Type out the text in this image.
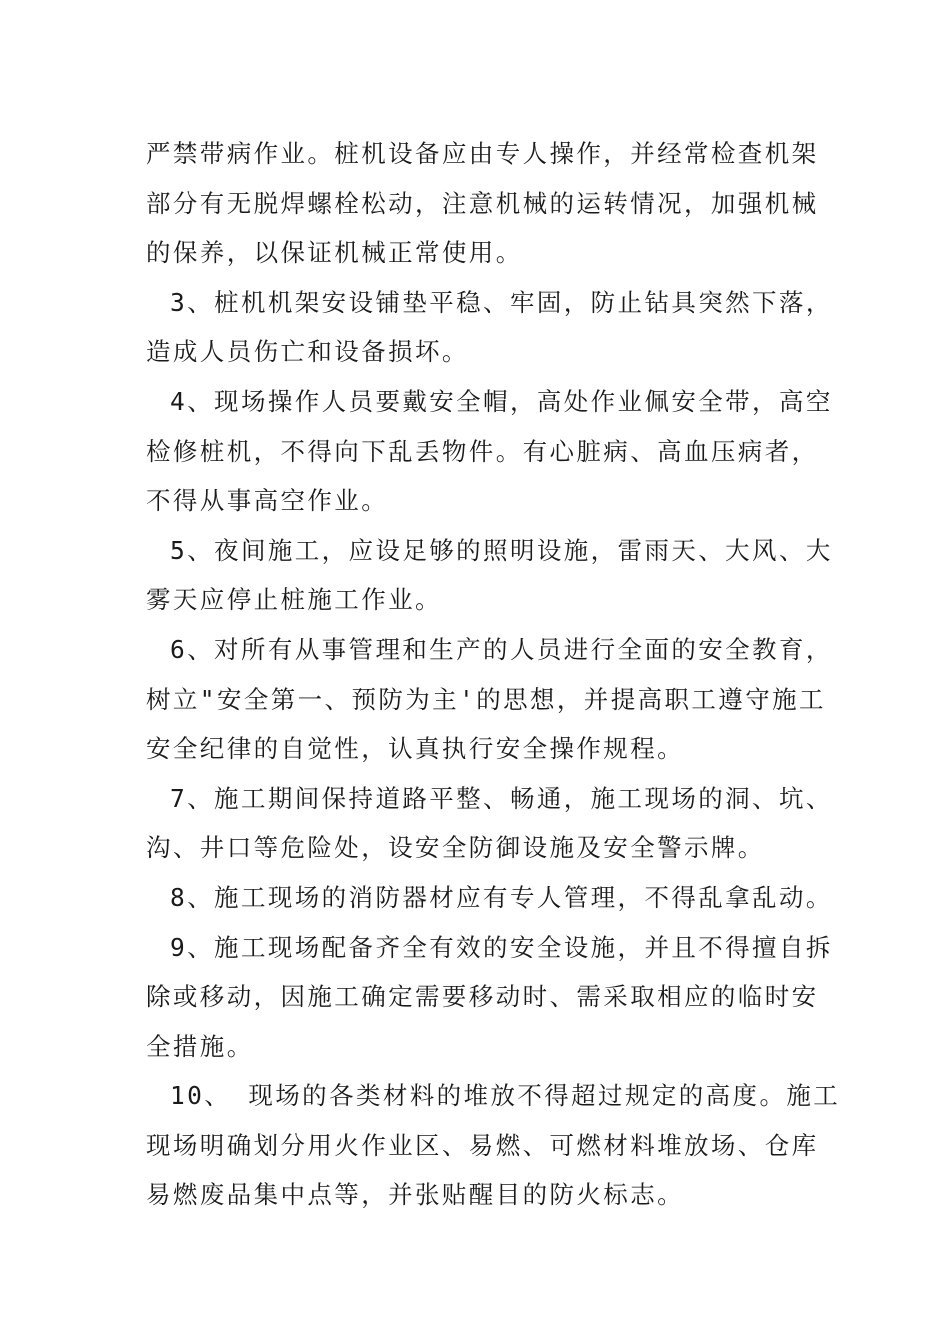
严禁带病作业。桩机设备应由专人操作，并经常检查机架
部分有无脱焊螺栓松动，注意机械的运转情况，加强机械
的保养，以保证机械正常使用。
3、桩机机架安设铺垫平稳、牢固，防止钻具突然下落，
造成人员伤亡和设备损坏。
4、现场操作人员要戴安全帽，高处作业佩安全带，高空
检修桩机，不得向下乱丢物件。有心脏病、高血压病者，
不得从事高空作业。
5、夜间施工，应设足够的照明设施，雷雨天、大风、大
雾天应停止桩施工作业。
6、对所有从事管理和生产的人员进行全面的安全教育，
树立"安全第一、预防为主'的思想，并提高职工遵守施工
安全纪律的自觉性，认真执行安全操作规程。
7、施工期间保持道路平整、畅通，施工现场的洞、坑、
沟、井口等危险处，设安全防御设施及安全警示牌。
8、施工现场的消防器材应有专人管理，不得乱拿乱动。
9、施工现场配备齐全有效的安全设施，并且不得擅自拆
除或移动，因施工确定需要移动时、需采取相应的临时安
全措施。
10、 现场的各类材料的堆放不得超过规定的高度。施工
现场明确划分用火作业区、易燃、可燃材料堆放场、仓库
易燃废品集中点等，并张贴醒目的防火标志。
